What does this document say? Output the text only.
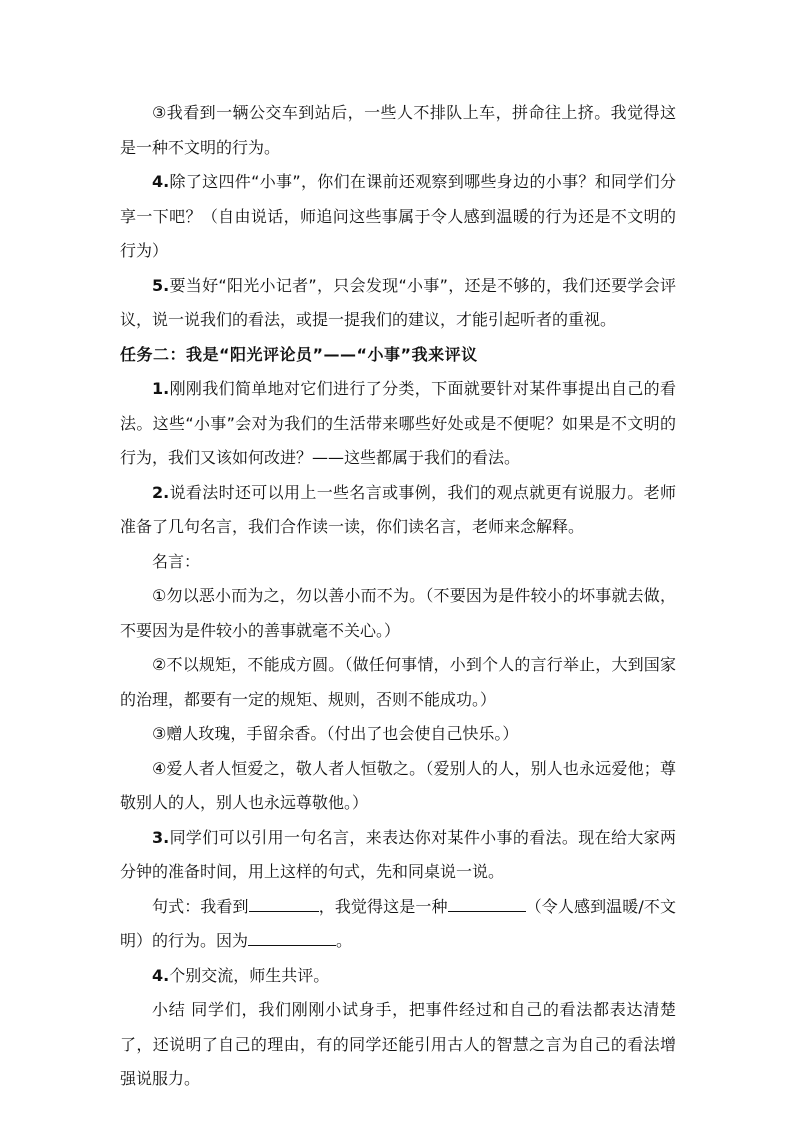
③我看到一辆公交车到站后，一些人不排队上车，拼命往上挤。我觉得这是一种不文明的行为。

4.除了这四件“小事”，你们在课前还观察到哪些身边的小事？和同学们分享一下吧？（自由说话，师追问这些事属于令人感到温暖的行为还是不文明的行为）

5.要当好“阳光小记者”，只会发现“小事”，还是不够的，我们还要学会评议，说一说我们的看法，或提一提我们的建议，才能引起听者的重视。

任务二：我是“阳光评论员”——“小事”我来评议

1.刚刚我们简单地对它们进行了分类，下面就要针对某件事提出自己的看法。这些“小事”会对为我们的生活带来哪些好处或是不便呢？如果是不文明的行为，我们又该如何改进？——这些都属于我们的看法。

2.说看法时还可以用上一些名言或事例，我们的观点就更有说服力。老师准备了几句名言，我们合作读一读，你们读名言，老师来念解释。

名言：

①勿以恶小而为之，勿以善小而不为。（不要因为是件较小的坏事就去做，不要因为是件较小的善事就毫不关心。）

②不以规矩，不能成方圆。（做任何事情，小到个人的言行举止，大到国家的治理，都要有一定的规矩、规则，否则不能成功。）

③赠人玫瑰，手留余香。（付出了也会使自己快乐。）

④爱人者人恒爱之，敬人者人恒敬之。（爱别人的人，别人也永远爱他；尊敬别人的人，别人也永远尊敬他。）

3.同学们可以引用一句名言，来表达你对某件小事的看法。现在给大家两分钟的准备时间，用上这样的句式，先和同桌说一说。

句式：我看到	，我觉得这是一种	（令人感到温暖/不文明）的行为。因为	。

4.个别交流，师生共评。

小结 同学们，我们刚刚小试身手，把事件经过和自己的看法都表达清楚了，还说明了自己的理由，有的同学还能引用古人的智慧之言为自己的看法增强说服力。
